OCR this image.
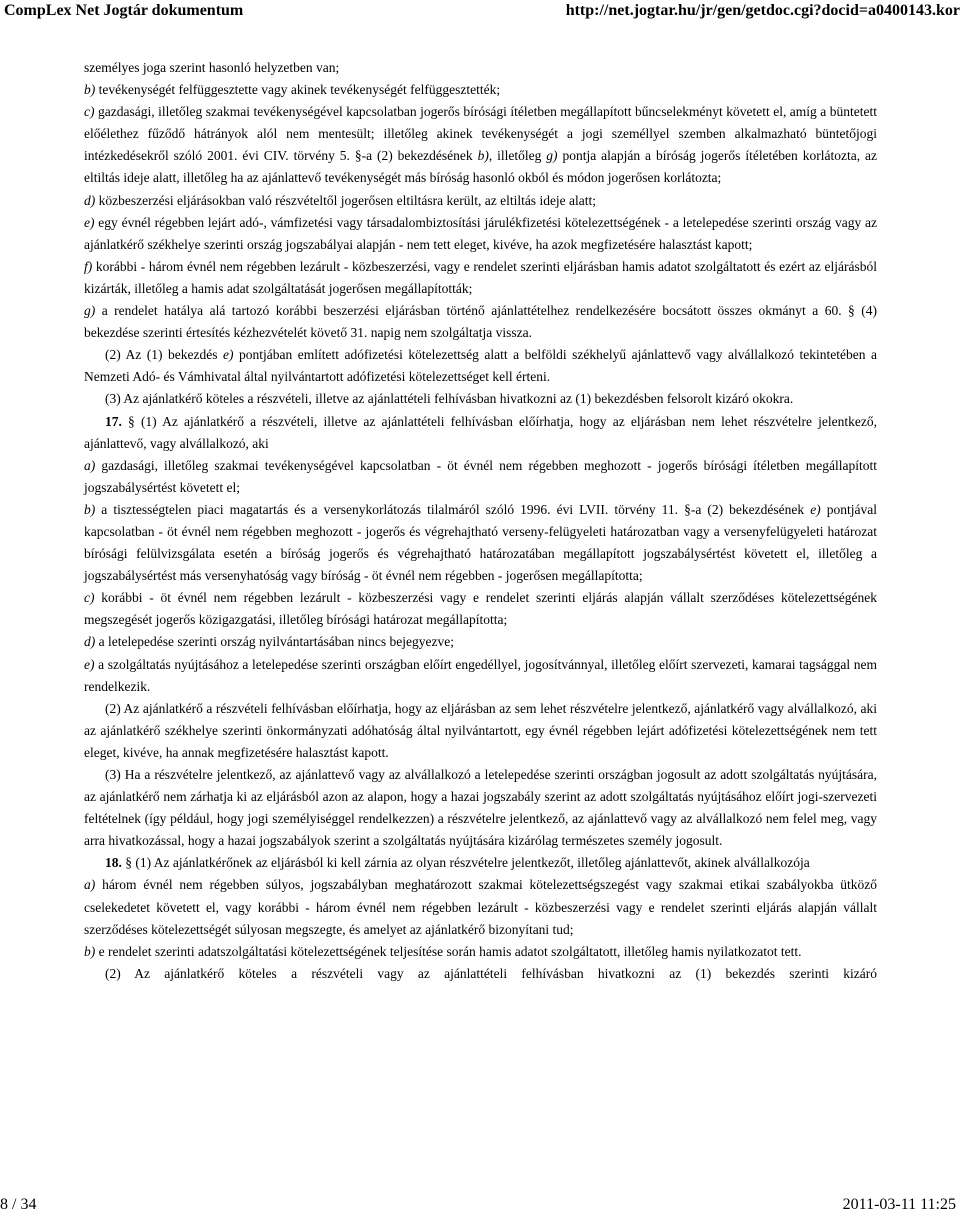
CompLex Net Jogtár dokumentum	http://net.jogtar.hu/jr/gen/getdoc.cgi?docid=a0400143.kor

személyes joga szerint hasonló helyzetben van;

b) tevékenységét felfüggesztette vagy akinek tevékenységét felfüggesztették;

c) gazdasági, illetőleg szakmai tevékenységével kapcsolatban jogerős bírósági ítéletben megállapított bűncselekményt követett el, amíg a büntetett előélethez fűződő hátrányok alól nem mentesült; illetőleg akinek tevékenységét a jogi személlyel szemben alkalmazható büntetőjogi intézkedésekről szóló 2001. évi CIV. törvény 5. §-a (2) bekezdésének b), illetőleg g) pontja alapján a bíróság jogerős ítéletében korlátozta, az eltiltás ideje alatt, illetőleg ha az ajánlattevő tevékenységét más bíróság hasonló okból és módon jogerősen korlátozta;

d) közbeszerzési eljárásokban való részvételtől jogerősen eltiltásra került, az eltiltás ideje alatt;

e) egy évnél régebben lejárt adó-, vámfizetési vagy társadalombiztosítási járulékfizetési kötelezettségének - a letelepedése szerinti ország vagy az ajánlatkérő székhelye szerinti ország jogszabályai alapján - nem tett eleget, kivéve, ha azok megfizetésére halasztást kapott;

f) korábbi - három évnél nem régebben lezárult - közbeszerzési, vagy e rendelet szerinti eljárásban hamis adatot szolgáltatott és ezért az eljárásból kizárták, illetőleg a hamis adat szolgáltatását jogerősen megállapították;

g) a rendelet hatálya alá tartozó korábbi beszerzési eljárásban történő ajánlattételhez rendelkezésére bocsátott összes okmányt a 60. § (4) bekezdése szerinti értesítés kézhezvételét követő 31. napig nem szolgáltatja vissza.

(2) Az (1) bekezdés e) pontjában említett adófizetési kötelezettség alatt a belföldi székhelyű ajánlattevő vagy alvállalkozó tekintetében a Nemzeti Adó- és Vámhivatal által nyilvántartott adófizetési kötelezettséget kell érteni.

(3) Az ajánlatkérő köteles a részvételi, illetve az ajánlattételi felhívásban hivatkozni az (1) bekezdésben felsorolt kizáró okokra.

17. § (1) Az ajánlatkérő a részvételi, illetve az ajánlattételi felhívásban előírhatja, hogy az eljárásban nem lehet részvételre jelentkező, ajánlattevő, vagy alvállalkozó, aki

a) gazdasági, illetőleg szakmai tevékenységével kapcsolatban - öt évnél nem régebben meghozott - jogerős bírósági ítéletben megállapított jogszabálysértést követett el;

b) a tisztességtelen piaci magatartás és a versenykorlátozás tilalmáról szóló 1996. évi LVII. törvény 11. §-a (2) bekezdésének e) pontjával kapcsolatban - öt évnél nem régebben meghozott - jogerős és végrehajtható verseny-felügyeleti határozatban vagy a versenyfelügyeleti határozat bírósági felülvizsgálata esetén a bíróság jogerős és végrehajtható határozatában megállapított jogszabálysértést követett el, illetőleg a jogszabálysértést más versenyhatóság vagy bíróság - öt évnél nem régebben - jogerősen megállapította;

c) korábbi - öt évnél nem régebben lezárult - közbeszerzési vagy e rendelet szerinti eljárás alapján vállalt szerződéses kötelezettségének megszegését jogerős közigazgatási, illetőleg bírósági határozat megállapította;

d) a letelepedése szerinti ország nyilvántartásában nincs bejegyezve;

e) a szolgáltatás nyújtásához a letelepedése szerinti országban előírt engedéllyel, jogosítvánnyal, illetőleg előírt szervezeti, kamarai tagsággal nem rendelkezik.

(2) Az ajánlatkérő a részvételi felhívásban előírhatja, hogy az eljárásban az sem lehet részvételre jelentkező, ajánlatkérő vagy alvállalkozó, aki az ajánlatkérő székhelye szerinti önkormányzati adóhatóság által nyilvántartott, egy évnél régebben lejárt adófizetési kötelezettségének nem tett eleget, kivéve, ha annak megfizetésére halasztást kapott.

(3) Ha a részvételre jelentkező, az ajánlattevő vagy az alvállalkozó a letelepedése szerinti országban jogosult az adott szolgáltatás nyújtására, az ajánlatkérő nem zárhatja ki az eljárásból azon az alapon, hogy a hazai jogszabály szerint az adott szolgáltatás nyújtásához előírt jogi-szervezeti feltételnek (így például, hogy jogi személyiséggel rendelkezzen) a részvételre jelentkező, az ajánlattevő vagy az alvállalkozó nem felel meg, vagy arra hivatkozással, hogy a hazai jogszabályok szerint a szolgáltatás nyújtására kizárólag természetes személy jogosult.

18. § (1) Az ajánlatkérőnek az eljárásból ki kell zárnia az olyan részvételre jelentkezőt, illetőleg ajánlattevőt, akinek alvállalkozója

a) három évnél nem régebben súlyos, jogszabályban meghatározott szakmai kötelezettségszegést vagy szakmai etikai szabályokba ütköző cselekedetet követett el, vagy korábbi - három évnél nem régebben lezárult - közbeszerzési vagy e rendelet szerinti eljárás alapján vállalt szerződéses kötelezettségét súlyosan megszegte, és amelyet az ajánlatkérő bizonyítani tud;

b) e rendelet szerinti adatszolgáltatási kötelezettségének teljesítése során hamis adatot szolgáltatott, illetőleg hamis nyilatkozatot tett.

(2) Az ajánlatkérő köteles a részvételi vagy az ajánlattételi felhívásban hivatkozni az (1) bekezdés szerinti kizáró

8 / 34	2011-03-11 11:25
